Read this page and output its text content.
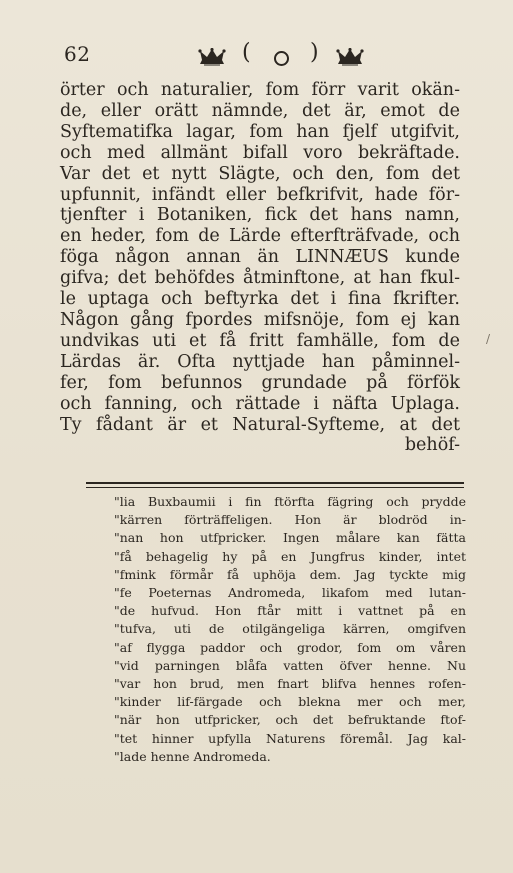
62	(	)
örter och naturalier, fom förr varit okän-
de, eller orätt nämnde, det är, emot de
Syftematifka lagar, fom han fjelf utgifvit,
och med allmänt bifall voro bekräftade.
Var det et nytt Slägte, och den, fom det
upfunnit, infändt eller befkrifvit, hade för-
tjenfter i Botaniken, fick det hans namn,
en heder, fom de Lärde efterfträfvade, och
föga någon annan än LINNÆUS kunde
gifva; det behöfdes åtminftone, at han fkul-
le uptaga och beftyrka det i fina fkrifter.
Någon gång fpordes mifsnöje, fom ej kan
undvikas uti et få fritt famhälle, fom de
Lärdas är. Ofta nyttjade han påminnel-
fer, fom befunnos grundade på förfök
och fanning, och rättade i näfta Uplaga.
Ty fådant är et Natural-Syfteme, at det
behöf-
"lia Buxbaumii i fin ftörfta fägring och prydde
"kärren förträffeligen. Hon är blodröd in-
"nan hon utfpricker. Ingen målare kan fätta
"få behagelig hy på en Jungfrus kinder, intet
"fmink förmår få uphöja dem. Jag tyckte mig
"fe Poeternas Andromeda, likafom med lutan-
"de hufvud. Hon ftår mitt i vattnet på en
"tufva, uti de otilgängeliga kärren, omgifven
"af flygga paddor och grodor, fom om våren
"vid parningen blåfa vatten öfver henne. Nu
"var hon brud, men fnart blifva hennes rofen-
"kinder lif-färgade och blekna mer och mer,
"när hon utfpricker, och det befruktande ftof-
"tet hinner upfylla Naturens föremål. Jag kal-
"lade henne Andromeda.
/
